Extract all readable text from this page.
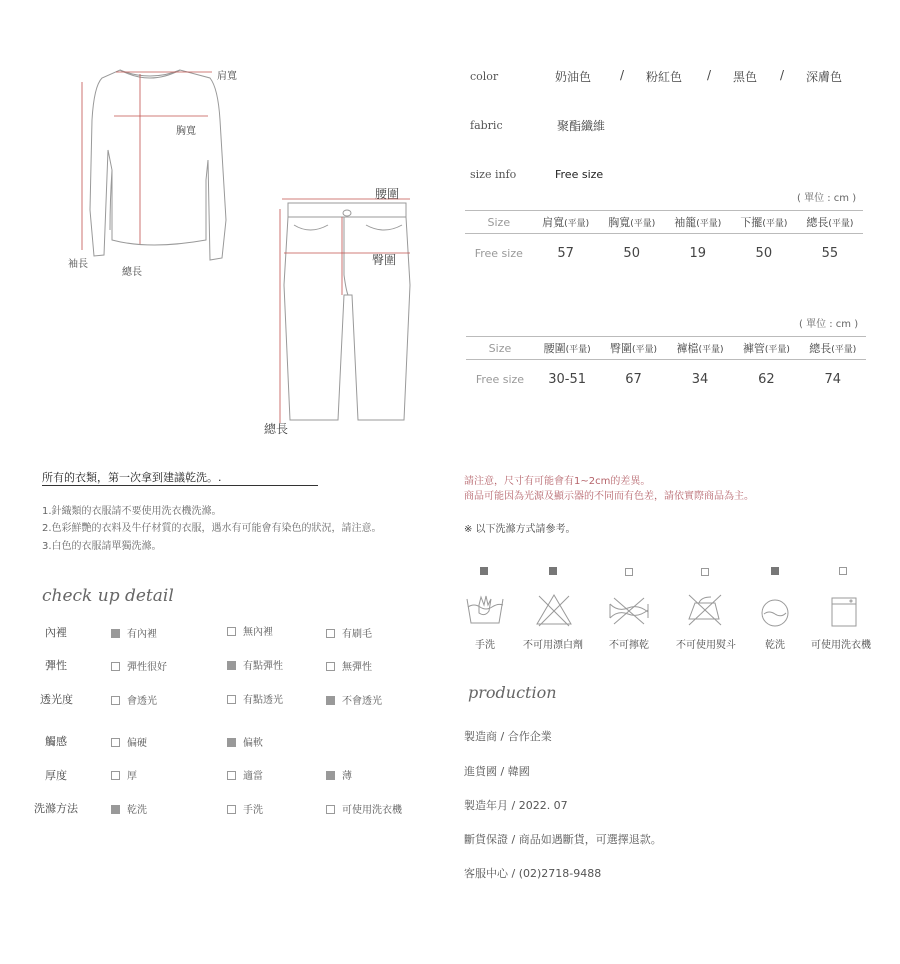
肩寬
胸寬
袖長
總長
腰圍
臀圍
總長
color	奶油色 / 粉紅色 / 黑色 / 深膚色
fabric	聚酯纖維
size info	Free size
( 單位 : cm )
Size	肩寬(平量)	胸寬(平量)	袖籠(平量)	下擺(平量)	總長(平量)
Free size	57	50	19	50	55
( 單位 : cm )
Size	腰圍(平量)	臀圍(平量)	褲檔(平量)	褲管(平量)	總長(平量)
Free size	30-51	67	34	62	74
所有的衣類，第一次拿到建議乾洗。.
1.針織類的衣服請不要使用洗衣機洗滌。
2.色彩鮮艷的衣料及牛仔材質的衣服，遇水有可能會有染色的狀況，請注意。
3.白色的衣服請單獨洗滌。
請注意，尺寸有可能會有1~2cm的差異。
商品可能因為光源及顯示器的不同而有色差，請依實際商品為主。
※ 以下洗滌方式請參考。
check up detail
內裡	有內裡	無內裡	有刷毛
彈性	彈性很好	有點彈性	無彈性
透光度	會透光	有點透光	不會透光
觸感	偏硬	偏軟
厚度	厚	適當	薄
洗滌方法	乾洗	手洗	可使用洗衣機
手洗	不可用漂白劑	不可擰乾	不可使用熨斗	乾洗	可使用洗衣機
production
製造商 / 合作企業
進貨國 / 韓國
製造年月 / 2022. 07
斷貨保證 / 商品如遇斷貨，可選擇退款。
客服中心 / (02)2718-9488
